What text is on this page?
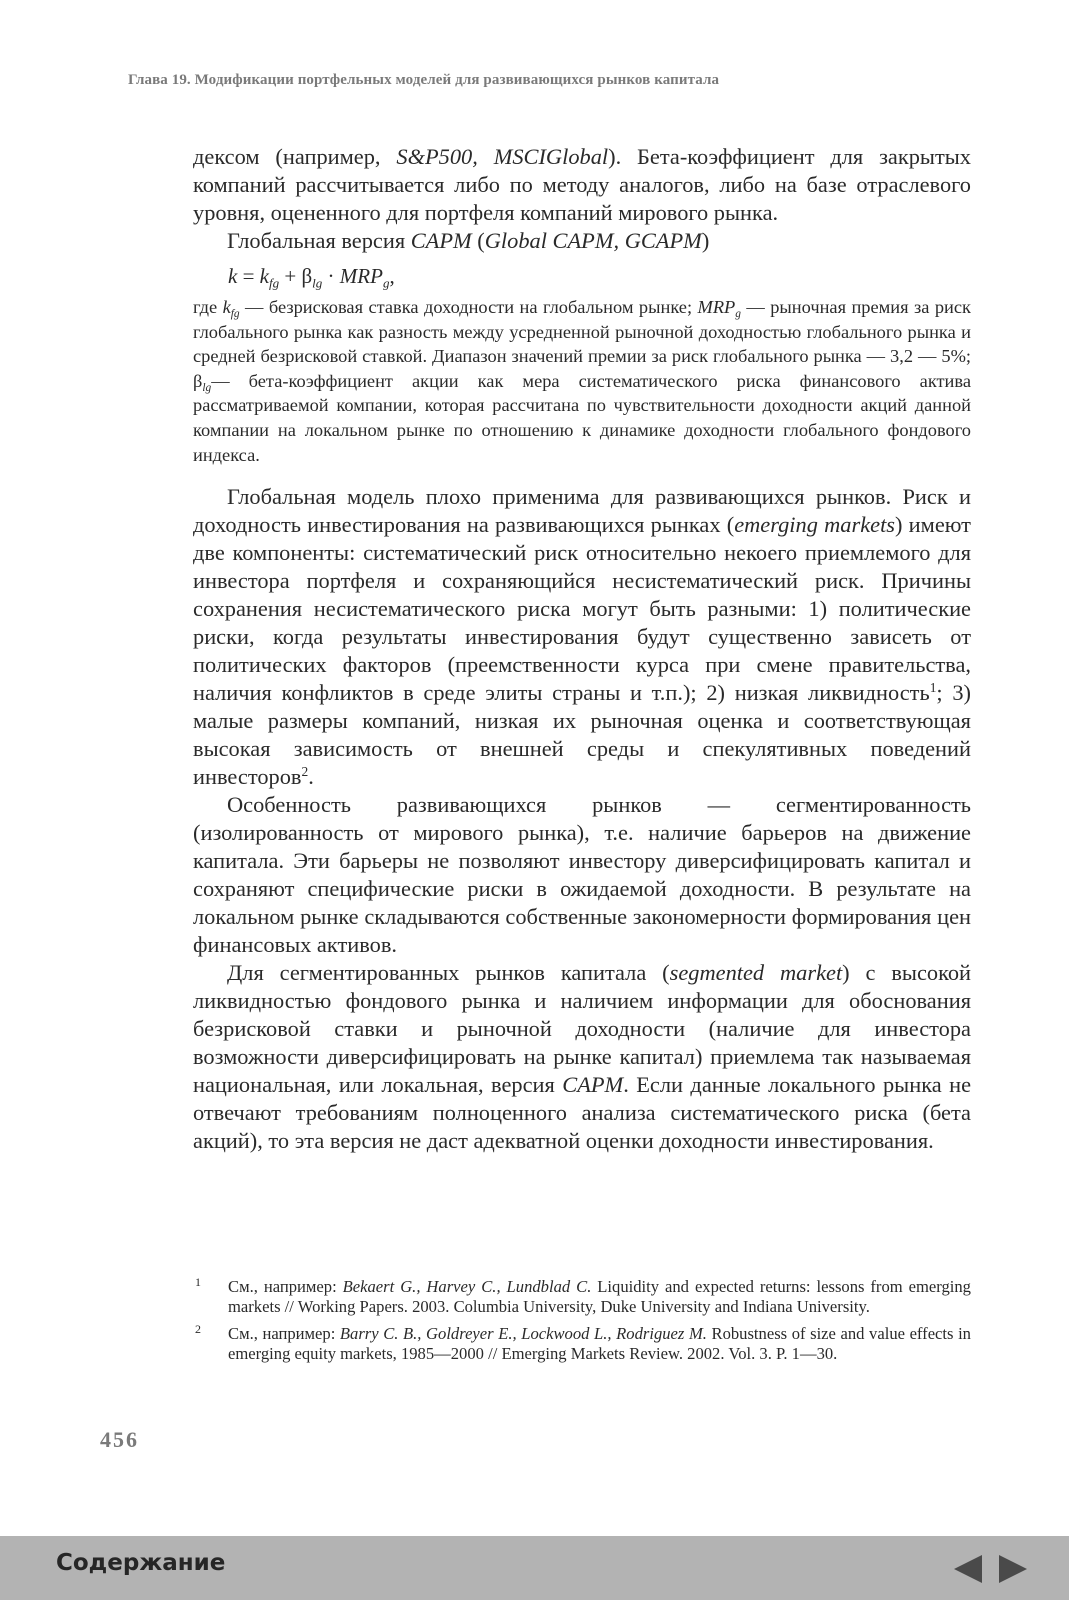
Глава 19. Модификации портфельных моделей для развивающихся рынков капитала

дексом (например, S&P500, MSCIGlobal). Бета-коэффициент для закрытых компаний рассчитывается либо по методу аналогов, либо на базе отраслевого уровня, оцененного для портфеля компаний мирового рынка.

Глобальная версия CAPM (Global CAPM, GCAPM)

$k = k_{fg} + \beta_{lg} \cdot MRP_g$,

где $k_{fg}$ — безрисковая ставка доходности на глобальном рынке; $MRP_g$ — рыночная премия за риск глобального рынка как разность между усредненной рыночной доходностью глобального рынка и средней безрисковой ставкой. Диапазон значений премии за риск глобального рынка — 3,2 — 5%; $\beta_{lg}—$ бета-коэффициент акции как мера систематического риска финансового актива рассматриваемой компании, которая рассчитана по чувствительности доходности акций данной компании на локальном рынке по отношению к динамике доходности глобального фондового индекса.

Глобальная модель плохо применима для развивающихся рынков. Риск и доходность инвестирования на развивающихся рынках (emerging markets) имеют две компоненты: систематический риск относительно некоего приемлемого для инвестора портфеля и сохраняющийся несистематический риск. Причины сохранения несистематического риска могут быть разными: 1) политические риски, когда результаты инвестирования будут существенно зависеть от политических факторов (преемственности курса при смене правительства, наличия конфликтов в среде элиты страны и т.п.); 2) низкая ликвидность$^1$; 3) малые размеры компаний, низкая их рыночная оценка и соответствующая высокая зависимость от внешней среды и спекулятивных поведений инвесторов$^2$.

Особенность развивающихся рынков — сегментированность (изолированность от мирового рынка), т.е. наличие барьеров на движение капитала. Эти барьеры не позволяют инвестору диверсифицировать капитал и сохраняют специфические риски в ожидаемой доходности. В результате на локальном рынке складываются собственные закономерности формирования цен финансовых активов.

Для сегментированных рынков капитала (segmented market) с высокой ликвидностью фондового рынка и наличием информации для обоснования безрисковой ставки и рыночной доходности (наличие для инвестора возможности диверсифицировать на рынке капитал) приемлема так называемая национальная, или локальная, версия CAPM. Если данные локального рынка не отвечают требованиям полноценного анализа систематического риска (бета акций), то эта версия не даст адекватной оценки доходности инвестирования.

1 См., например: Bekaert G., Harvey C., Lundblad C. Liquidity and expected returns: lessons from emerging markets // Working Papers. 2003. Columbia University, Duke University and Indiana University.
2 См., например: Barry C. B., Goldreyer E., Lockwood L., Rodriguez M. Robustness of size and value effects in emerging equity markets, 1985—2000 // Emerging Markets Review. 2002. Vol. 3. P. 1—30.
456
Содержание
